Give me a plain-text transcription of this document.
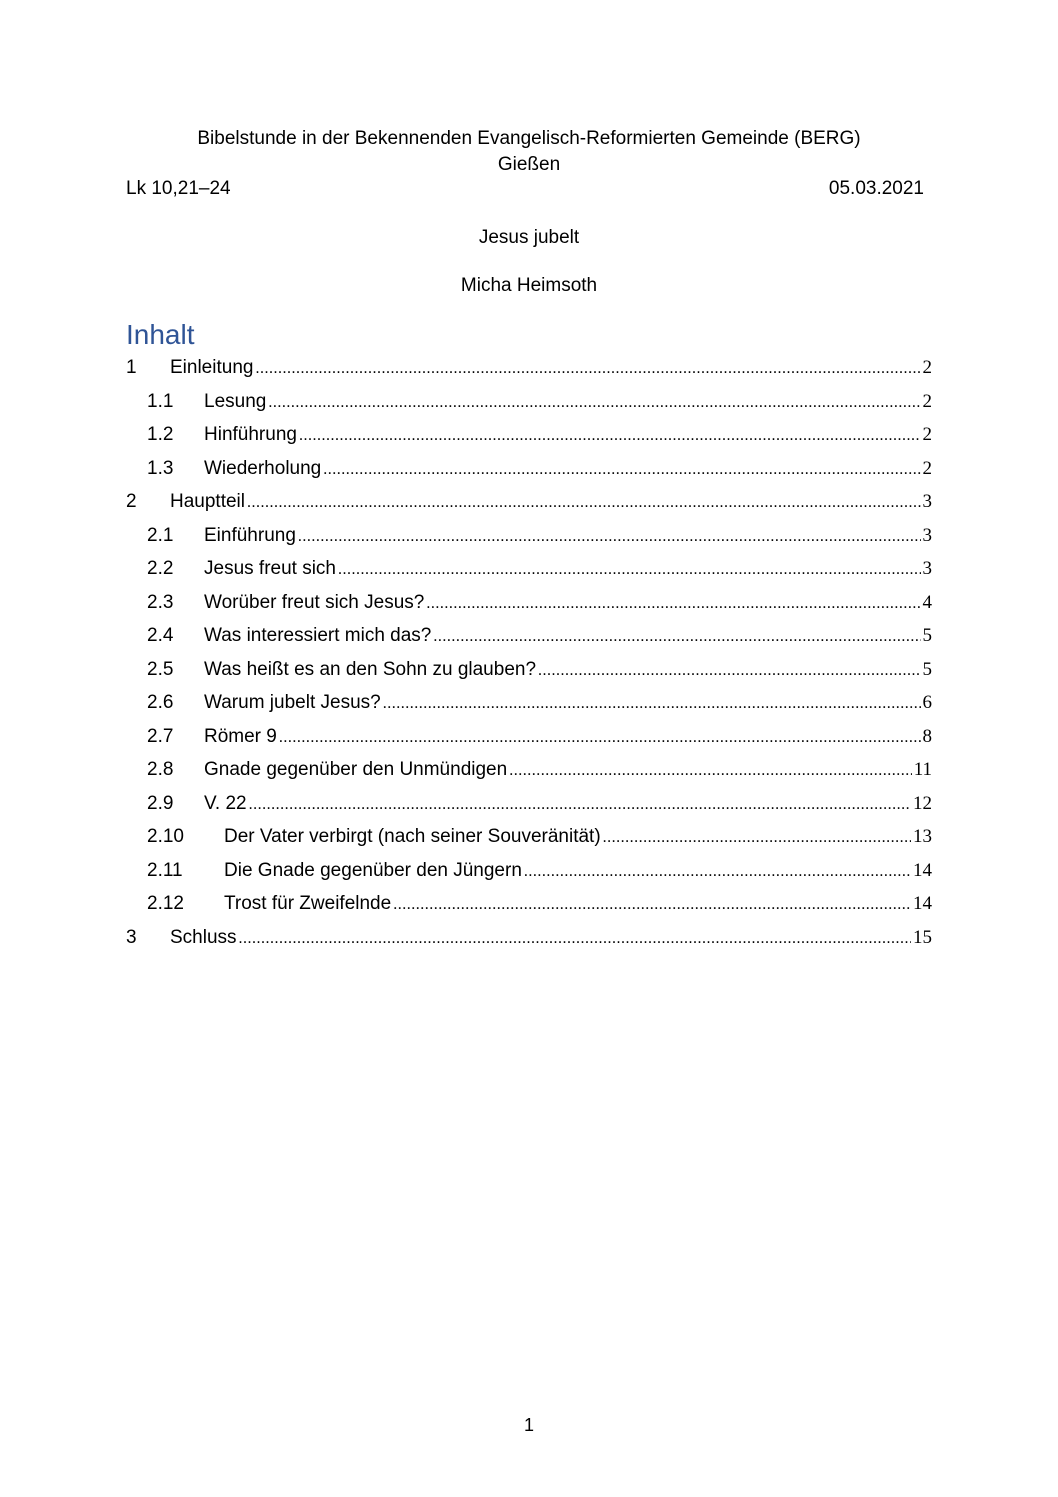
Bibelstunde in der Bekennenden Evangelisch-Reformierten Gemeinde (BERG)
Gießen
Lk 10,21–24	05.03.2021
Jesus jubelt
Micha Heimsoth
Inhalt
1	Einleitung .....	2
1.1	Lesung .....	2
1.2	Hinführung .....	2
1.3	Wiederholung .....	2
2	Hauptteil .....	3
2.1	Einführung .....	3
2.2	Jesus freut sich .....	3
2.3	Worüber freut sich Jesus? .....	4
2.4	Was interessiert mich das? .....	5
2.5	Was heißt es an den Sohn zu glauben? .....	5
2.6	Warum jubelt Jesus? .....	6
2.7	Römer 9 .....	8
2.8	Gnade gegenüber den Unmündigen .....	11
2.9	V. 22 .....	12
2.10	Der Vater verbirgt (nach seiner Souveränität) .....	13
2.11	Die Gnade gegenüber den Jüngern .....	14
2.12	Trost für Zweifelnde .....	14
3	Schluss .....	15
1
